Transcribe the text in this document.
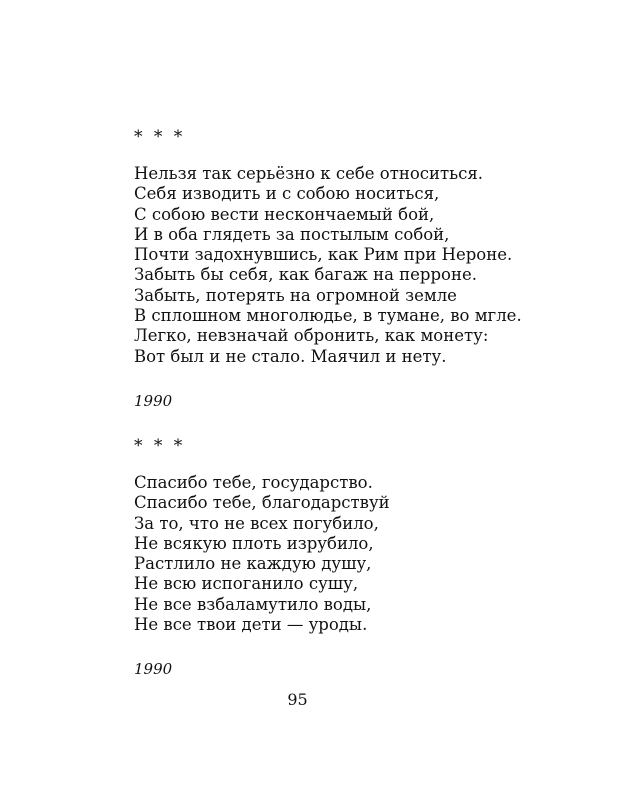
* * *
Нельзя так серьёзно к себе относиться.
Себя изводить и с собою носиться,
С собою вести нескончаемый бой,
И в оба глядеть за постылым собой,
Почти задохнувшись, как Рим при Нероне.
Забыть бы себя, как багаж на перроне.
Забыть, потерять на огромной земле
В сплошном многолюдье, в тумане, во мгле.
Легко, невзначай обронить, как монету:
Вот был и не стало. Маячил и нету.
1990
* * *
Спасибо тебе, государство.
Спасибо тебе, благодарствуй
За то, что не всех погубило,
Не всякую плоть изрубило,
Растлило не каждую душу,
Не всю испоганило сушу,
Не все взбаламутило воды,
Не все твои дети — уроды.
1990
95
